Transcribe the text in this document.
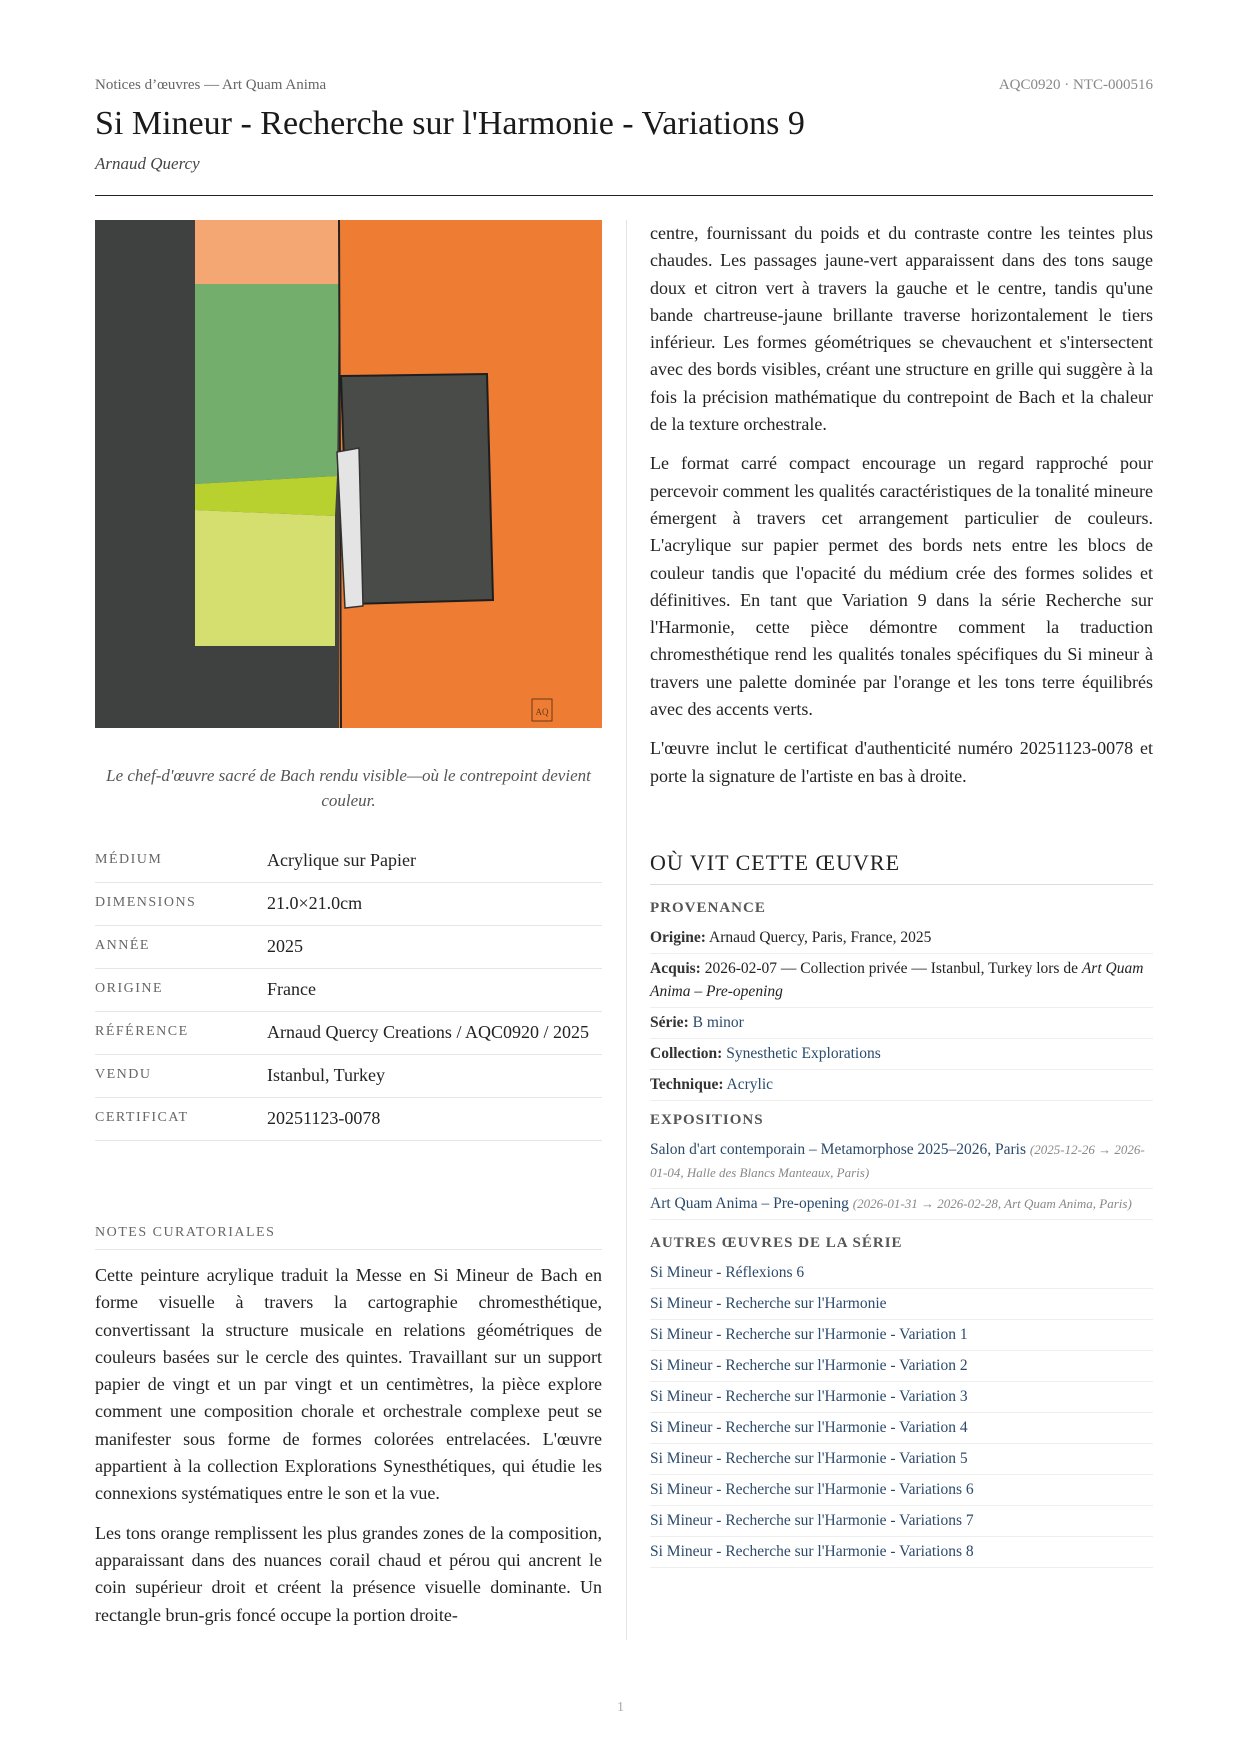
Notices d’œuvres — Art Quam Anima	AQC0920 · NTC-000516
Si Mineur - Recherche sur l'Harmonie - Variations 9
Arnaud Quercy
AQ
Le chef-d'œuvre sacré de Bach rendu visible—où le contrepoint devient couleur.
MÉDIUM	Acrylique sur Papier
DIMENSIONS	21.0×21.0cm
ANNÉE	2025
ORIGINE	France
RÉFÉRENCE	Arnaud Quercy Creations / AQC0920 / 2025
VENDU	Istanbul, Turkey
CERTIFICAT	20251123-0078
NOTES CURATORIALES

Cette peinture acrylique traduit la Messe en Si Mineur de Bach en forme visuelle à travers la cartographie chromesthétique, convertissant la structure musicale en relations géométriques de couleurs basées sur le cercle des quintes. Travaillant sur un support papier de vingt et un par vingt et un centimètres, la pièce explore comment une composition chorale et orchestrale complexe peut se manifester sous forme de formes colorées entrelacées. L'œuvre appartient à la collection Explorations Synesthétiques, qui étudie les connexions systématiques entre le son et la vue.

Les tons orange remplissent les plus grandes zones de la composition, apparaissant dans des nuances corail chaud et pérou qui ancrent le coin supérieur droit et créent la présence visuelle dominante. Un rectangle brun-gris foncé occupe la portion droite-

centre, fournissant du poids et du contraste contre les teintes plus chaudes. Les passages jaune-vert apparaissent dans des tons sauge doux et citron vert à travers la gauche et le centre, tandis qu'une bande chartreuse-jaune brillante traverse horizontalement le tiers inférieur. Les formes géométriques se chevauchent et s'intersectent avec des bords visibles, créant une structure en grille qui suggère à la fois la précision mathématique du contrepoint de Bach et la chaleur de la texture orchestrale.

Le format carré compact encourage un regard rapproché pour percevoir comment les qualités caractéristiques de la tonalité mineure émergent à travers cet arrangement particulier de couleurs. L'acrylique sur papier permet des bords nets entre les blocs de couleur tandis que l'opacité du médium crée des formes solides et définitives. En tant que Variation 9 dans la série Recherche sur l'Harmonie, cette pièce démontre comment la traduction chromesthétique rend les qualités tonales spécifiques du Si mineur à travers une palette dominée par l'orange et les tons terre équilibrés avec des accents verts.

L'œuvre inclut le certificat d'authenticité numéro 20251123-0078 et porte la signature de l'artiste en bas à droite.

OÙ VIT CETTE ŒUVRE
PROVENANCE
Origine: Arnaud Quercy, Paris, France, 2025
Acquis: 2026-02-07 — Collection privée — Istanbul, Turkey lors de Art Quam Anima – Pre-opening
Série: B minor
Collection: Synesthetic Explorations
Technique: Acrylic
EXPOSITIONS
Salon d'art contemporain – Metamorphose 2025–2026, Paris (2025-12-26 → 2026-01-04, Halle des Blancs Manteaux, Paris)
Art Quam Anima – Pre-opening (2026-01-31 → 2026-02-28, Art Quam Anima, Paris)
AUTRES ŒUVRES DE LA SÉRIE
Si Mineur - Réflexions 6
Si Mineur - Recherche sur l'Harmonie
Si Mineur - Recherche sur l'Harmonie - Variation 1
Si Mineur - Recherche sur l'Harmonie - Variation 2
Si Mineur - Recherche sur l'Harmonie - Variation 3
Si Mineur - Recherche sur l'Harmonie - Variation 4
Si Mineur - Recherche sur l'Harmonie - Variation 5
Si Mineur - Recherche sur l'Harmonie - Variations 6
Si Mineur - Recherche sur l'Harmonie - Variations 7
Si Mineur - Recherche sur l'Harmonie - Variations 8
1
